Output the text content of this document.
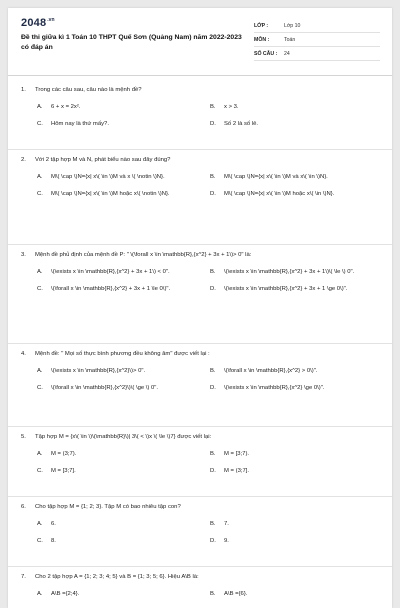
$2048^{.vn}$
Đề thi giữa kì 1 Toán 10 THPT Quế Sơn (Quảng Nam) năm 2022-2023 có đáp án
LỚP :	Lớp 10
MÔN :	Toán
SỐ CÂU :	24
1.	Trong các câu sau, câu nào là mệnh đề?
A.	6 + x = 2x².	B.	x > 3.
C.	Hôm nay là thứ mấy?.	D.	Số 2 là số lẻ.
2.	Với 2 tập hợp M và N, phát biểu nào sau đây đúng?
A.	M\( \cap \)N={x| x\( \in \)M và x \( \notin \)N}.	B.	M\( \cap \)N={x| x\( \in \)M và x\( \in \)N}.
C.	M\( \cap \)N={x| x\( \in \)M hoặc x\( \notin \)N}.	D.	M\( \cap \)N={x| x\( \in \)M hoặc x\( \in \)N}.
3.	Mệnh đề phủ định của mệnh đề P: " \(\forall x \in \mathbb{R},{x^2} + 3x + 1\)> 0" là:
A.	\(\exists x \in \mathbb{R},{x^2} + 3x + 1\) < 0".	B.	\(\exists x \in \mathbb{R},{x^2} + 3x + 1\)\( \le \) 0".
C.	\(\forall x \in \mathbb{R},{x^2} + 3x + 1 \le 0\)".	D.	\(\exists x \in \mathbb{R},{x^2} + 3x + 1 \ge 0\)".
4.	Mệnh đề: " Mọi số thực bình phương đều không âm" được viết lại :
A.	\(\exists x \in \mathbb{R},{x^2}\)> 0".	B.	\(\forall x \in \mathbb{R},{x^2} > 0\)".
C.	\(\forall x \in \mathbb{R},{x^2}\)\( \ge \) 0".	D.	\(\exists x \in \mathbb{R},{x^2} \ge 0\)".
5.	Tập hợp M = {x\( \in \)\(\mathbb{R}\)| 3\( < \)x \( \le \)7} được viết lại:
A.	M = (3;7).	B.	M = [3;7).
C.	M = [3;7].	D.	M = (3;7].
6.	Cho tập hợp M = {1; 2; 3}. Tập M có bao nhiêu tập con?
A.	6.	B.	7.
C.	8.	D.	9.
7.	Cho 2 tập hợp A = {1; 2; 3; 4; 5} và B = {1; 3; 5; 6}. Hiệu A\B là:
A.	A\B ={2;4}.	B.	A\B ={6}.
